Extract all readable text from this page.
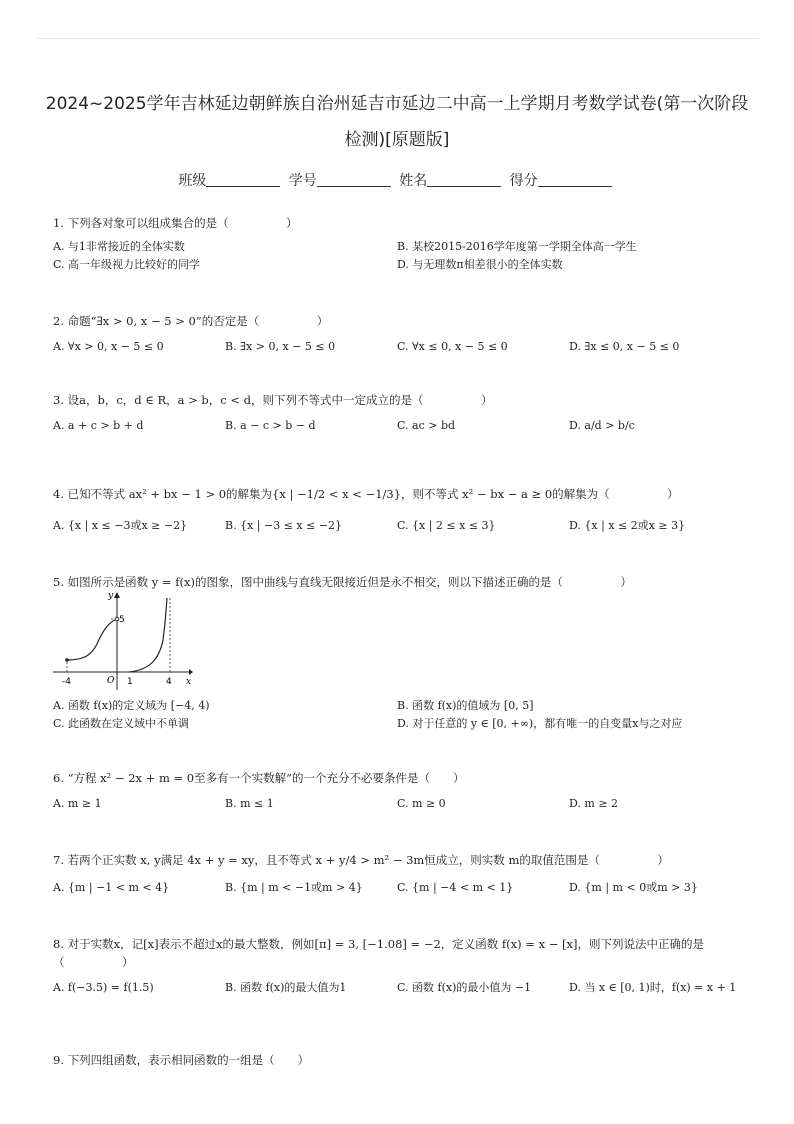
2024~2025学年吉林延边朝鲜族自治州延吉市延边二中高一上学期月考数学试卷(第一次阶段检测)[原题版]
班级	学号	姓名	得分
1. 下列各对象可以组成集合的是（　　　　　）
A. 与1非常接近的全体实数	B. 某校2015-2016学年度第一学期全体高一学生
C. 高一年级视力比较好的同学	D. 与无理数π相差很小的全体实数
2. 命题“∃x > 0, x − 5 > 0”的否定是（　　　　　）
A. ∀x > 0, x − 5 ≤ 0	B. ∃x > 0, x − 5 ≤ 0	C. ∀x ≤ 0, x − 5 ≤ 0	D. ∃x ≤ 0, x − 5 ≤ 0
3. 设a，b，c，d ∈ R，a > b，c < d，则下列不等式中一定成立的是（　　　　　）
A. a + c > b + d	B. a − c > b − d	C. ac > bd	D. a/d > b/c
4. 已知不等式 ax² + bx − 1 > 0的解集为{x | −1/2 < x < −1/3}，则不等式 x² − bx − a ≥ 0的解集为（　　　　　）
A. {x | x ≤ −3或x ≥ −2}	B. {x | −3 ≤ x ≤ −2}	C. {x | 2 ≤ x ≤ 3}	D. {x | x ≤ 2或x ≥ 3}
5. 如图所示是函数 y = f(x)的图象，图中曲线与直线无限接近但是永不相交，则以下描述正确的是（　　　　　）
y
x
O
-4	1	4
5
A. 函数 f(x)的定义域为 [−4, 4)	B. 函数 f(x)的值域为 [0, 5]
C. 此函数在定义域中不单调	D. 对于任意的 y ∈ [0, +∞)，都有唯一的自变量x与之对应
6. “方程 x² − 2x + m = 0至多有一个实数解”的一个充分不必要条件是（　　）
A. m ≥ 1	B. m ≤ 1	C. m ≥ 0	D. m ≥ 2
7. 若两个正实数 x, y满足 4x + y = xy，且不等式 x + y/4 > m² − 3m恒成立，则实数 m的取值范围是（　　　　　）
A. {m | −1 < m < 4}	B. {m | m < −1或m > 4}	C. {m | −4 < m < 1}	D. {m | m < 0或m > 3}
8. 对于实数x，记[x]表示不超过x的最大整数，例如[π] = 3, [−1.08] = −2，定义函数 f(x) = x − [x]，则下列说法中正确的是（　　　　　）
A. f(−3.5) = f(1.5)	B. 函数 f(x)的最大值为1	C. 函数 f(x)的最小值为 −1	D. 当 x ∈ [0, 1)时，f(x) = x + 1
9. 下列四组函数，表示相同函数的一组是（　　）
